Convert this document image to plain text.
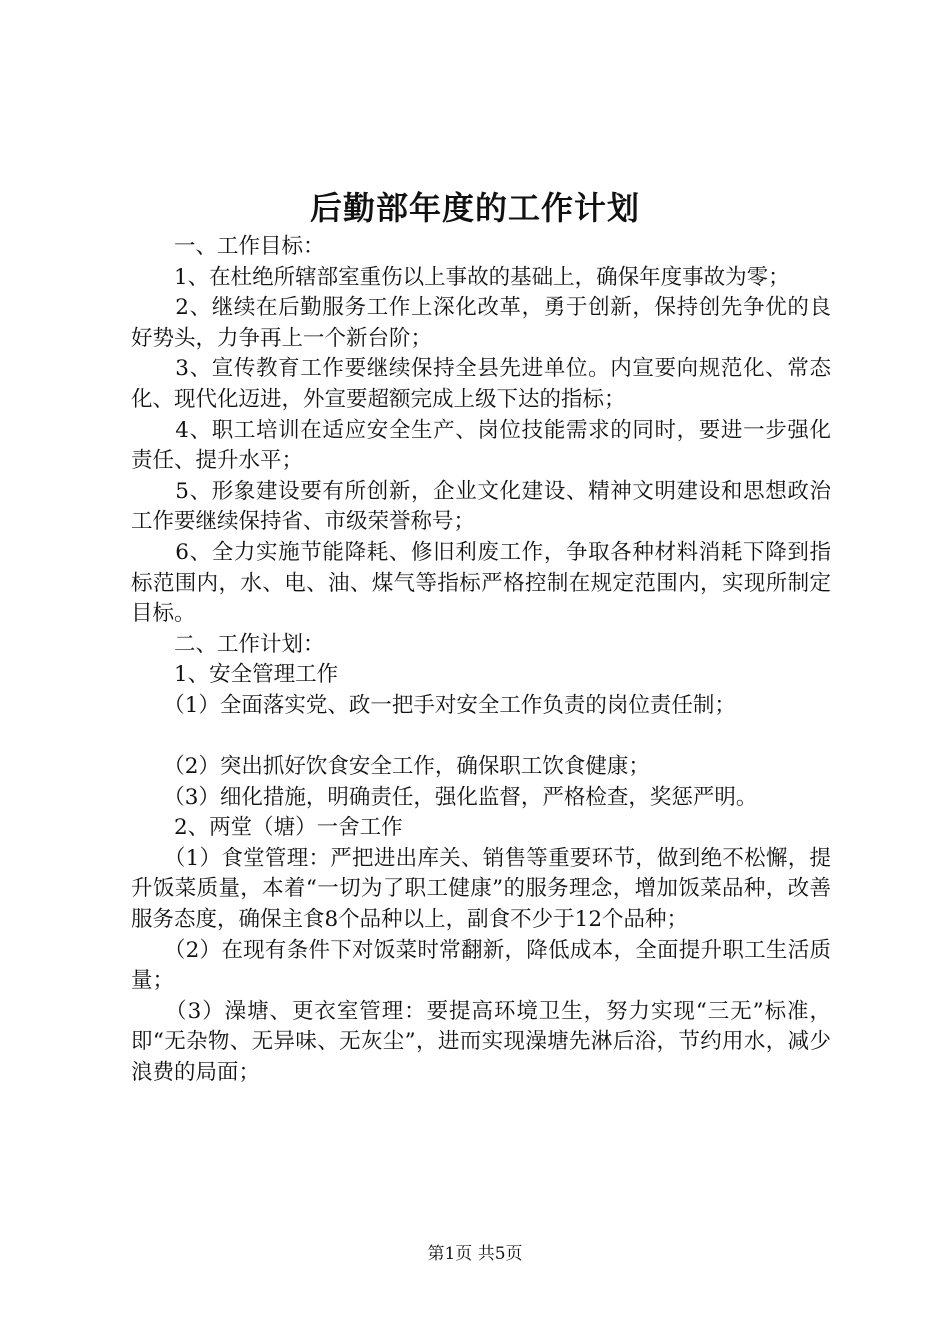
后勤部年度的工作计划

　　一、工作目标：

　　1、在杜绝所辖部室重伤以上事故的基础上，确保年度事故为零；

　　2、继续在后勤服务工作上深化改革，勇于创新，保持创先争优的良好势头，力争再上一个新台阶；

　　3、宣传教育工作要继续保持全县先进单位。内宣要向规范化、常态化、现代化迈进，外宣要超额完成上级下达的指标；

　　4、职工培训在适应安全生产、岗位技能需求的同时，要进一步强化责任、提升水平；

　　5、形象建设要有所创新，企业文化建设、精神文明建设和思想政治工作要继续保持省、市级荣誉称号；

　　6、全力实施节能降耗、修旧利废工作，争取各种材料消耗下降到指标范围内，水、电、油、煤气等指标严格控制在规定范围内，实现所制定目标。

　　二、工作计划：

　　1、安全管理工作

　　（1）全面落实党、政一把手对安全工作负责的岗位责任制；

　　（2）突出抓好饮食安全工作，确保职工饮食健康；

　　（3）细化措施，明确责任，强化监督，严格检查，奖惩严明。

　　2、两堂（塘）一舍工作

　　（1）食堂管理：严把进出库关、销售等重要环节，做到绝不松懈，提升饭菜质量，本着“一切为了职工健康”的服务理念，增加饭菜品种，改善服务态度，确保主食8个品种以上，副食不少于12个品种；

　　（2）在现有条件下对饭菜时常翻新，降低成本，全面提升职工生活质量；

　　（3）澡塘、更衣室管理：要提高环境卫生，努力实现“三无”标准，即“无杂物、无异味、无灰尘”，进而实现澡塘先淋后浴，节约用水，减少浪费的局面；

第1页 共5页
